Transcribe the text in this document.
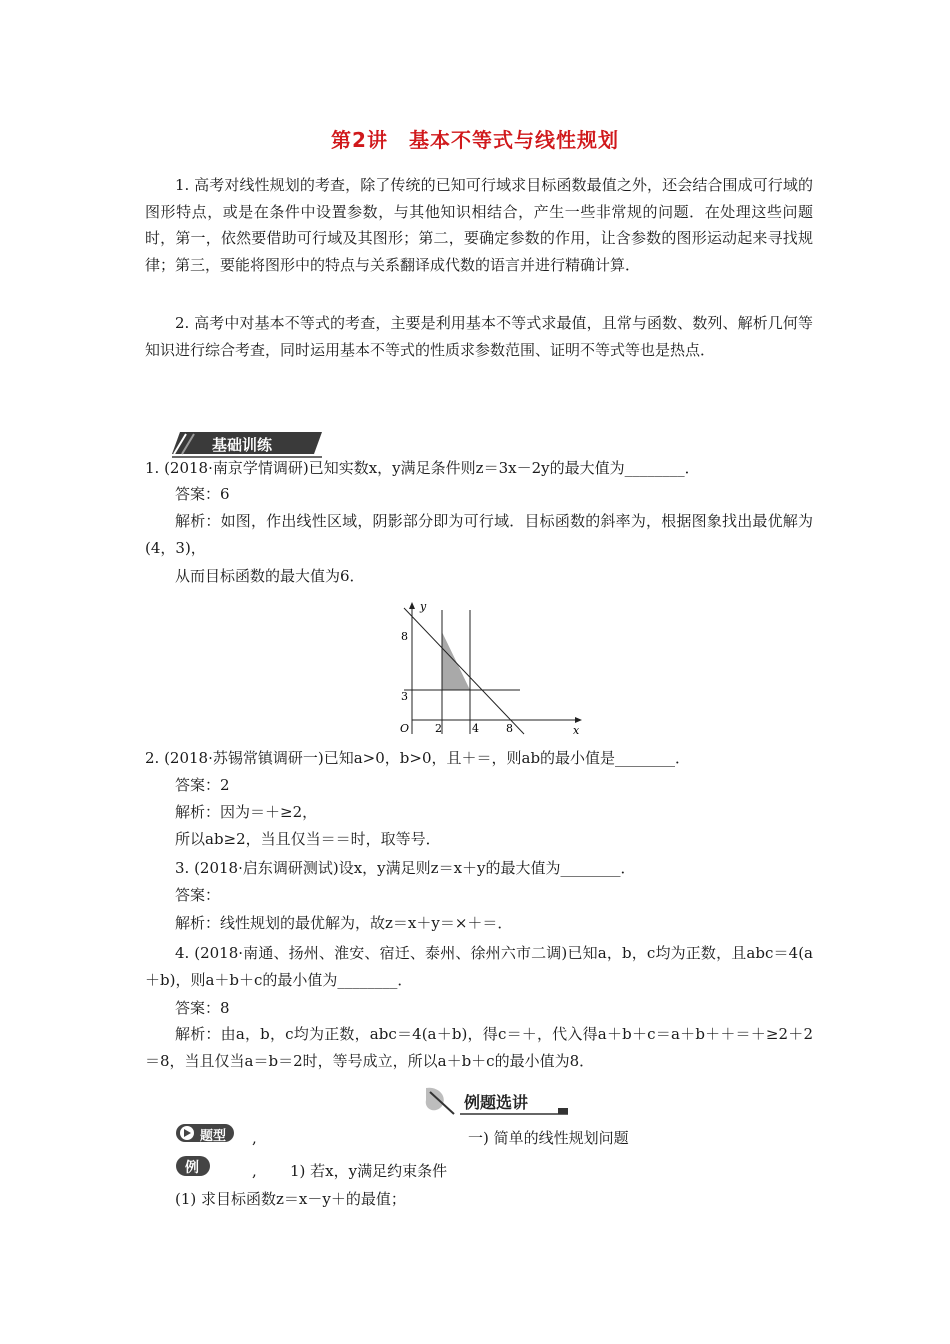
第2讲　基本不等式与线性规划

1. 高考对线性规划的考查，除了传统的已知可行域求目标函数最值之外，还会结合围成可行域的图形特点，或是在条件中设置参数，与其他知识相结合，产生一些非常规的问题．在处理这些问题时，第一，依然要借助可行域及其图形；第二，要确定参数的作用，让含参数的图形运动起来寻找规律；第三，要能将图形中的特点与关系翻译成代数的语言并进行精确计算．

2. 高考中对基本不等式的考查，主要是利用基本不等式求最值，且常与函数、数列、解析几何等知识进行综合考查，同时运用基本不等式的性质求参数范围、证明不等式等也是热点．

基础训练
1. (2018·南京学情调研)已知实数x，y满足条件则z＝3x－2y的最大值为________．
答案：6

解析：如图，作出线性区域，阴影部分即为可行域．目标函数的斜率为，根据图象找出最优解为(4，3)，

从而目标函数的最大值为6．
y
x
O 2	4 8
3
8
2. (2018·苏锡常镇调研一)已知a>0，b>0，且＋＝，则ab的最小值是________．
答案：2
解析：因为＝＋≥2，
所以ab≥2，当且仅当＝＝时，取等号．
3. (2018·启东调研测试)设x，y满足则z＝x＋y的最大值为________．
答案：
解析：线性规划的最优解为，故z＝x＋y＝×＋＝．

4. (2018·南通、扬州、淮安、宿迁、泰州、徐州六市二调)已知a，b，c均为正数，且abc＝4(a＋b)，则a＋b＋c的最小值为________．

答案：8

解析：由a，b，c均为正数，abc＝4(a＋b)，得c＝＋，代入得a＋b＋c＝a＋b＋＋＝＋≥2＋2＝8，当且仅当a＝b＝2时，等号成立，所以a＋b＋c的最小值为8．

例题选讲
题型 ,	一) 简单的线性规划问题
例	, 1) 若x，y满足约束条件
(1) 求目标函数z＝x－y＋的最值；
